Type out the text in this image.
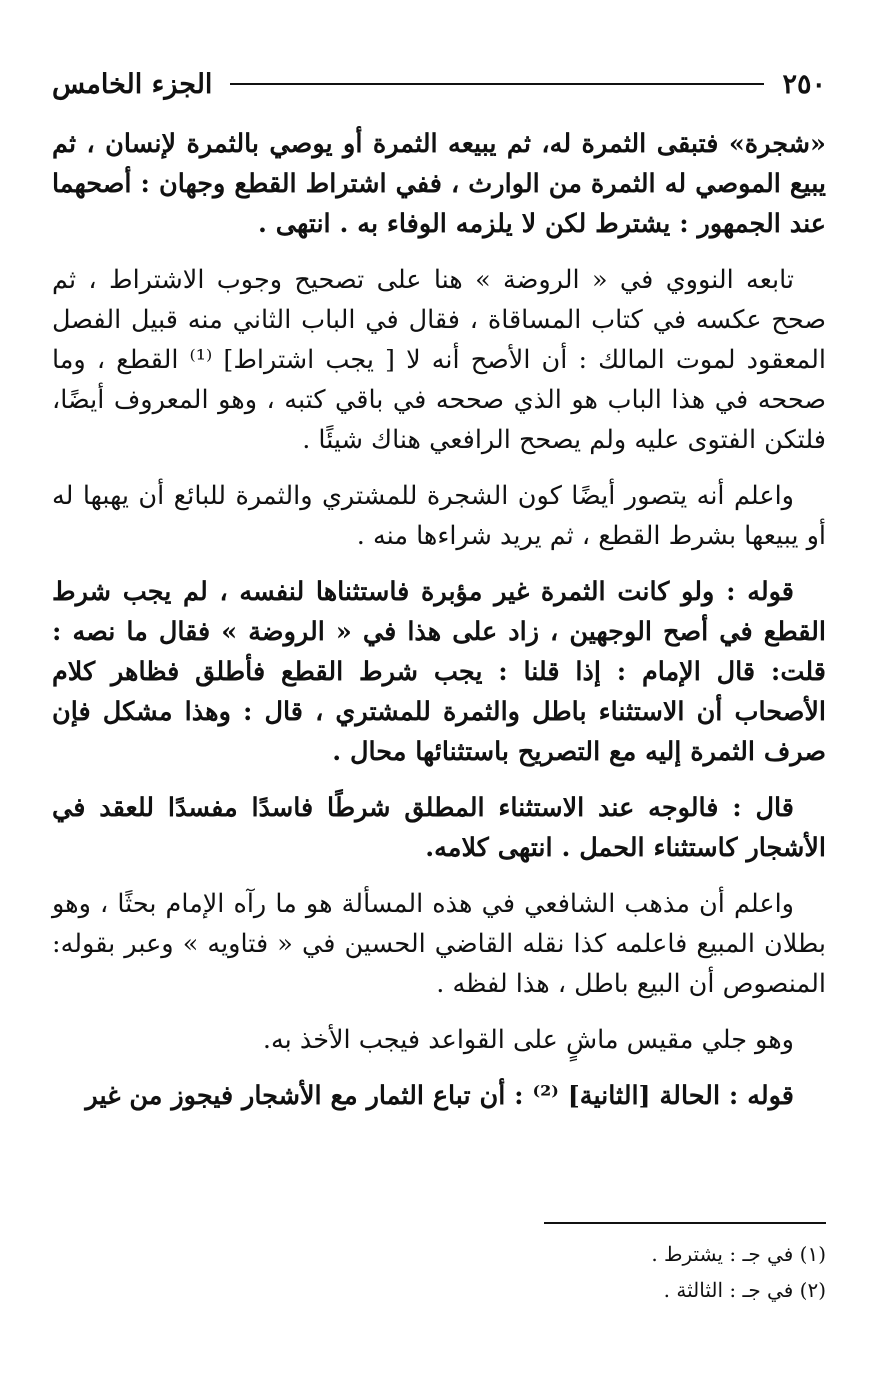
٢٥٠
الجزء الخامس

«شجرة» فتبقى الثمرة له، ثم يبيعه الثمرة أو يوصي بالثمرة لإنسان ، ثم يبيع الموصي له الثمرة من الوارث ، ففي اشتراط القطع وجهان : أصحهما عند الجمهور : يشترط لكن لا يلزمه الوفاء به . انتهى .

تابعه النووي في « الروضة » هنا على تصحيح وجوب الاشتراط ، ثم صحح عكسه في كتاب المساقاة ، فقال في الباب الثاني منه قبيل الفصل المعقود لموت المالك : أن الأصح أنه لا [ يجب اشتراط] ⁽¹⁾ القطع ، وما صححه في هذا الباب هو الذي صححه في باقي كتبه ، وهو المعروف أيضًا، فلتكن الفتوى عليه ولم يصحح الرافعي هناك شيئًا .

واعلم أنه يتصور أيضًا كون الشجرة للمشتري والثمرة للبائع أن يهبها له أو يبيعها بشرط القطع ، ثم يريد شراءها منه .

قوله : ولو كانت الثمرة غير مؤبرة فاستثناها لنفسه ، لم يجب شرط القطع في أصح الوجهين ، زاد على هذا في « الروضة » فقال ما نصه : قلت: قال الإمام : إذا قلنا : يجب شرط القطع فأطلق فظاهر كلام الأصحاب أن الاستثناء باطل والثمرة للمشتري ، قال : وهذا مشكل فإن صرف الثمرة إليه مع التصريح باستثنائها محال .

قال : فالوجه عند الاستثناء المطلق شرطًا فاسدًا مفسدًا للعقد في الأشجار كاستثناء الحمل . انتهى كلامه.

واعلم أن مذهب الشافعي في هذه المسألة هو ما رآه الإمام بحثًا ، وهو بطلان المبيع فاعلمه كذا نقله القاضي الحسين في « فتاويه » وعبر بقوله: المنصوص أن البيع باطل ، هذا لفظه .

وهو جلي مقيس ماشٍ على القواعد فيجب الأخذ به.

قوله : الحالة [الثانية] ⁽²⁾ : أن تباع الثمار مع الأشجار فيجوز من غير

(١) في جـ : يشترط .

(٢) في جـ : الثالثة .
